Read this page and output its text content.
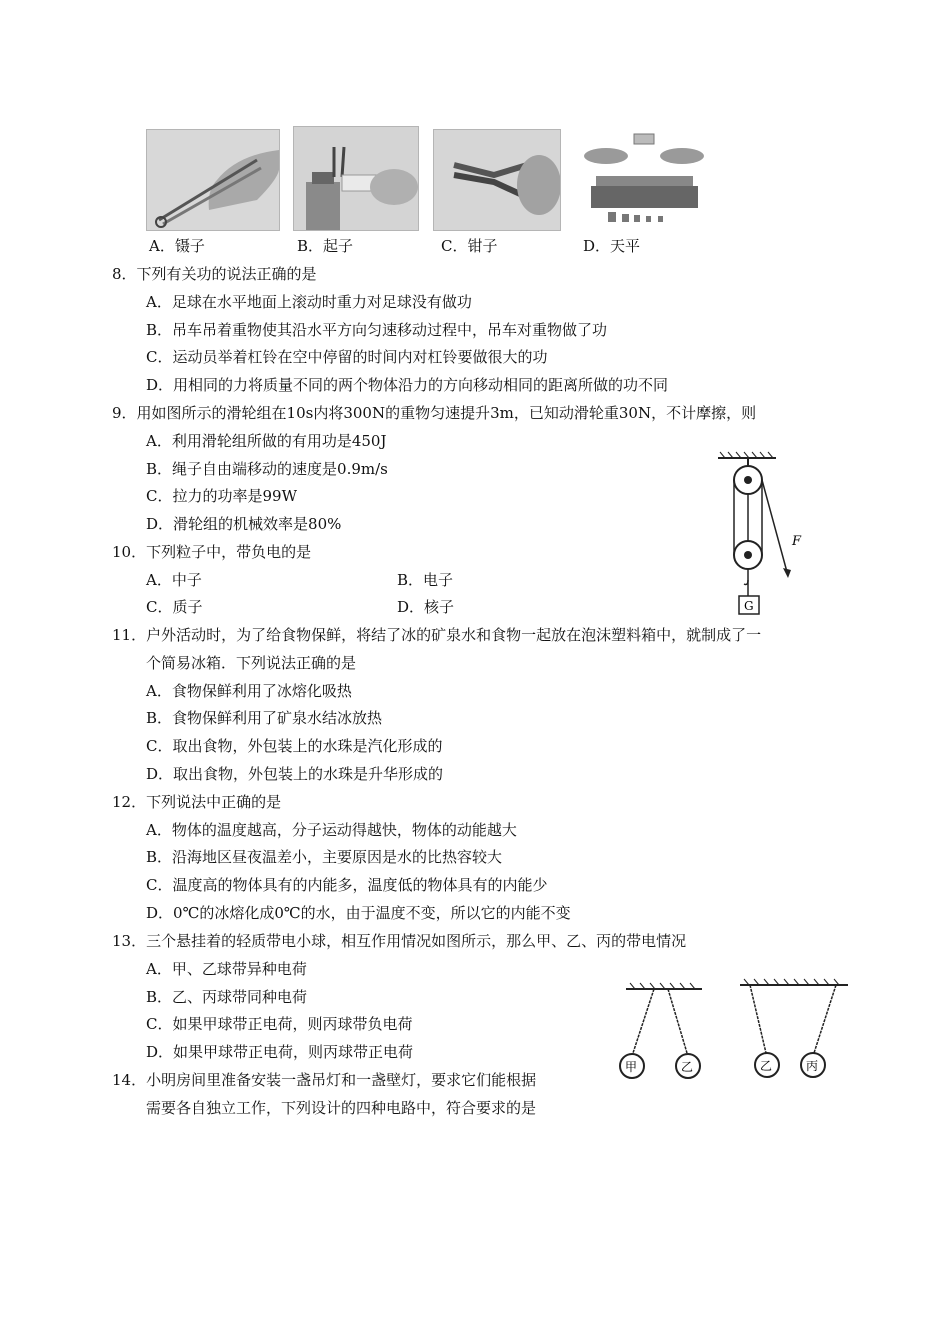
A．镊子	B．起子	C．钳子	D．天平
8．下列有关功的说法正确的是
A．足球在水平地面上滚动时重力对足球没有做功
B．吊车吊着重物使其沿水平方向匀速移动过程中，吊车对重物做了功
C．运动员举着杠铃在空中停留的时间内对杠铃要做很大的功
D．用相同的力将质量不同的两个物体沿力的方向移动相同的距离所做的功不同
9．用如图所示的滑轮组在10s内将300N的重物匀速提升3m，已知动滑轮重30N，不计摩擦，则
A．利用滑轮组所做的有用功是450J
B．绳子自由端移动的速度是0.9m/s
C．拉力的功率是99W
D．滑轮组的机械效率是80%
F
G
10．下列粒子中，带负电的是
A．中子	B．电子
C．质子	D．核子
11．户外活动时，为了给食物保鲜，将结了冰的矿泉水和食物一起放在泡沫塑料箱中，就制成了一
个简易冰箱．下列说法正确的是
A．食物保鲜利用了冰熔化吸热
B．食物保鲜利用了矿泉水结冰放热
C．取出食物，外包装上的水珠是汽化形成的
D．取出食物，外包装上的水珠是升华形成的
12．下列说法中正确的是
A．物体的温度越高，分子运动得越快，物体的动能越大
B．沿海地区昼夜温差小，主要原因是水的比热容较大
C．温度高的物体具有的内能多，温度低的物体具有的内能少
D．0℃的冰熔化成0℃的水，由于温度不变，所以它的内能不变
13．三个悬挂着的轻质带电小球，相互作用情况如图所示，那么甲、乙、丙的带电情况
A．甲、乙球带异种电荷
B．乙、丙球带同种电荷
C．如果甲球带正电荷，则丙球带负电荷
D．如果甲球带正电荷，则丙球带正电荷
甲	乙	乙	丙
14．小明房间里准备安装一盏吊灯和一盏壁灯，要求它们能根据
需要各自独立工作，下列设计的四种电路中，符合要求的是
